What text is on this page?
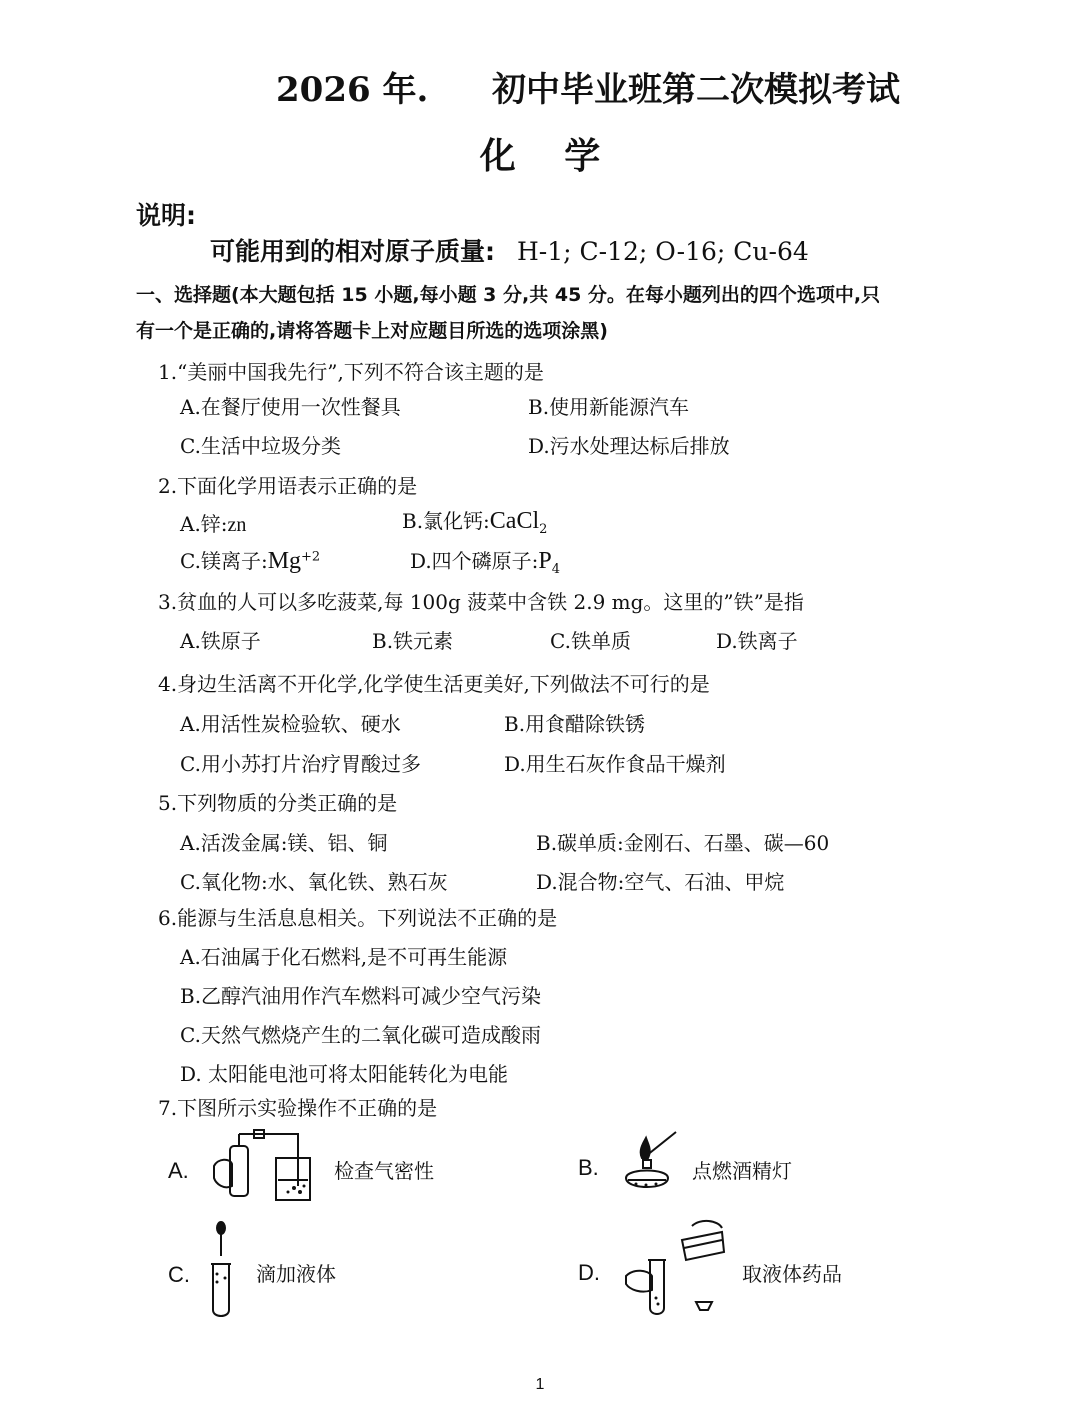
2026 年. 初中毕业班第二次模拟考试
化 学
说明:
可能用到的相对原子质量: H-1; C-12; O-16; Cu-64
一、选择题(本大题包括 15 小题,每小题 3 分,共 45 分。在每小题列出的四个选项中,只
有一个是正确的,请将答题卡上对应题目所选的选项涂黑)
1.“美丽中国我先行”,下列不符合该主题的是
A.在餐厅使用一次性餐具	B.使用新能源汽车
C.生活中垃圾分类	D.污水处理达标后排放
2.下面化学用语表示正确的是
A.锌:zn	B.氯化钙:CaCl$_2$
C.镁离子$:Mg^{+2}$	D.四个磷原子$:P_4$
3.贫血的人可以多吃菠菜,每 100g 菠菜中含铁 2.9 mg。这里的”铁”是指
A.铁原子	B.铁元素	C.铁单质	D.铁离子
4.身边生活离不开化学,化学使生活更美好,下列做法不可行的是
A.用活性炭检验软、硬水	B.用食醋除铁锈
C.用小苏打片治疗胃酸过多	D.用生石灰作食品干燥剂
5.下列物质的分类正确的是
A.活泼金属:镁、铝、铜	B.碳单质:金刚石、石墨、碳—60
C.氧化物:水、氧化铁、熟石灰	D.混合物:空气、石油、甲烷
6.能源与生活息息相关。下列说法不正确的是
A.石油属于化石燃料,是不可再生能源
B.乙醇汽油用作汽车燃料可减少空气污染
C.天然气燃烧产生的二氧化碳可造成酸雨
D. 太阳能电池可将太阳能转化为电能
7.下图所示实验操作不正确的是
A.	检查气密性	B.	点燃酒精灯
C.	滴加液体	D.	取液体药品
1
